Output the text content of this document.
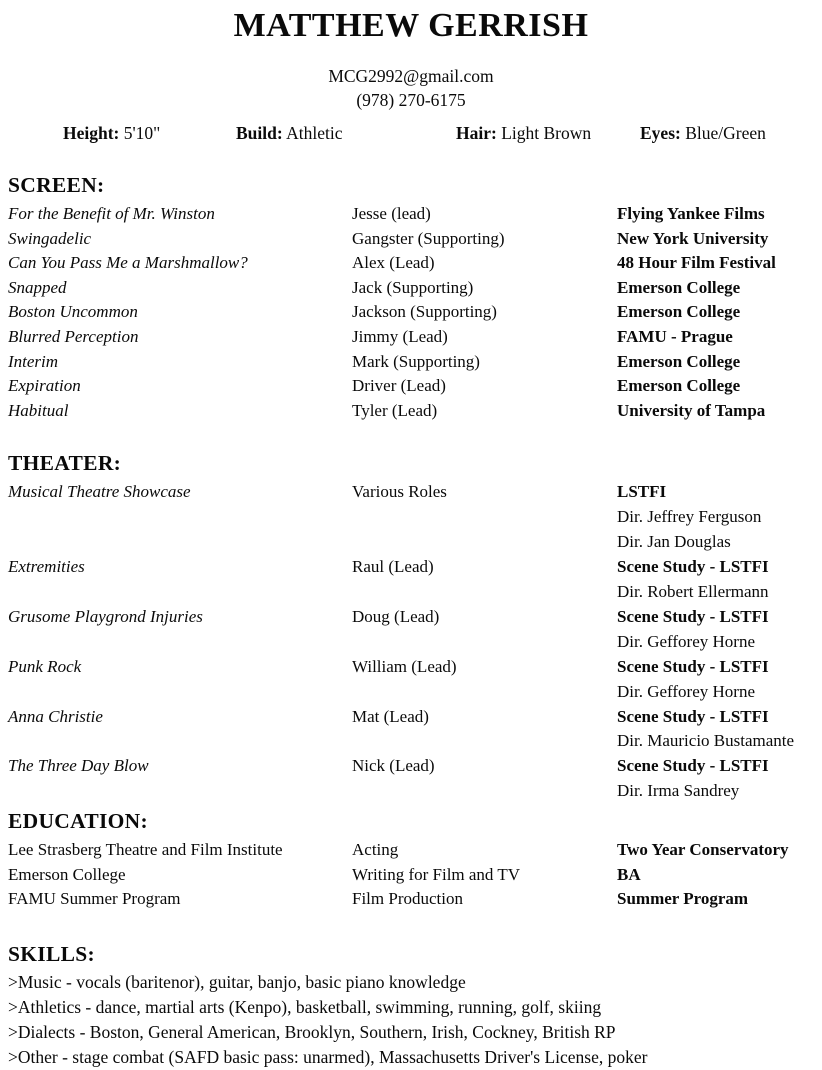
MATTHEW GERRISH
MCG2992@gmail.com
(978) 270-6175
Height: 5'10"	Build: Athletic	Hair: Light Brown	Eyes: Blue/Green
SCREEN:
For the Benefit of Mr. Winston	Jesse (lead)	Flying Yankee Films
Swingadelic	Gangster (Supporting)	New York University
Can You Pass Me a Marshmallow?	Alex (Lead)	48 Hour Film Festival
Snapped	Jack (Supporting)	Emerson College
Boston Uncommon	Jackson (Supporting)	Emerson College
Blurred Perception	Jimmy (Lead)	FAMU - Prague
Interim	Mark (Supporting)	Emerson College
Expiration	Driver (Lead)	Emerson College
Habitual	Tyler (Lead)	University of Tampa
THEATER:
Musical Theatre Showcase	Various Roles	LSTFI
Dir. Jeffrey Ferguson
Dir. Jan Douglas
Extremities	Raul (Lead)	Scene Study - LSTFI
Dir. Robert Ellermann
Grusome Playgrond Injuries	Doug (Lead)	Scene Study - LSTFI
Dir. Gefforey Horne
Punk Rock	William (Lead)	Scene Study - LSTFI
Dir. Gefforey Horne
Anna Christie	Mat (Lead)	Scene Study - LSTFI
Dir. Mauricio Bustamante
The Three Day Blow	Nick (Lead)	Scene Study - LSTFI
Dir. Irma Sandrey
EDUCATION:
Lee Strasberg Theatre and Film Institute	Acting	Two Year Conservatory
Emerson College	Writing for Film and TV	BA
FAMU Summer Program	Film Production	Summer Program
SKILLS:
>Music - vocals (baritenor), guitar, banjo, basic piano knowledge
>Athletics - dance, martial arts (Kenpo), basketball, swimming, running, golf, skiing
>Dialects - Boston, General American, Brooklyn, Southern, Irish, Cockney, British RP
>Other - stage combat (SAFD basic pass: unarmed), Massachusetts Driver's License, poker
